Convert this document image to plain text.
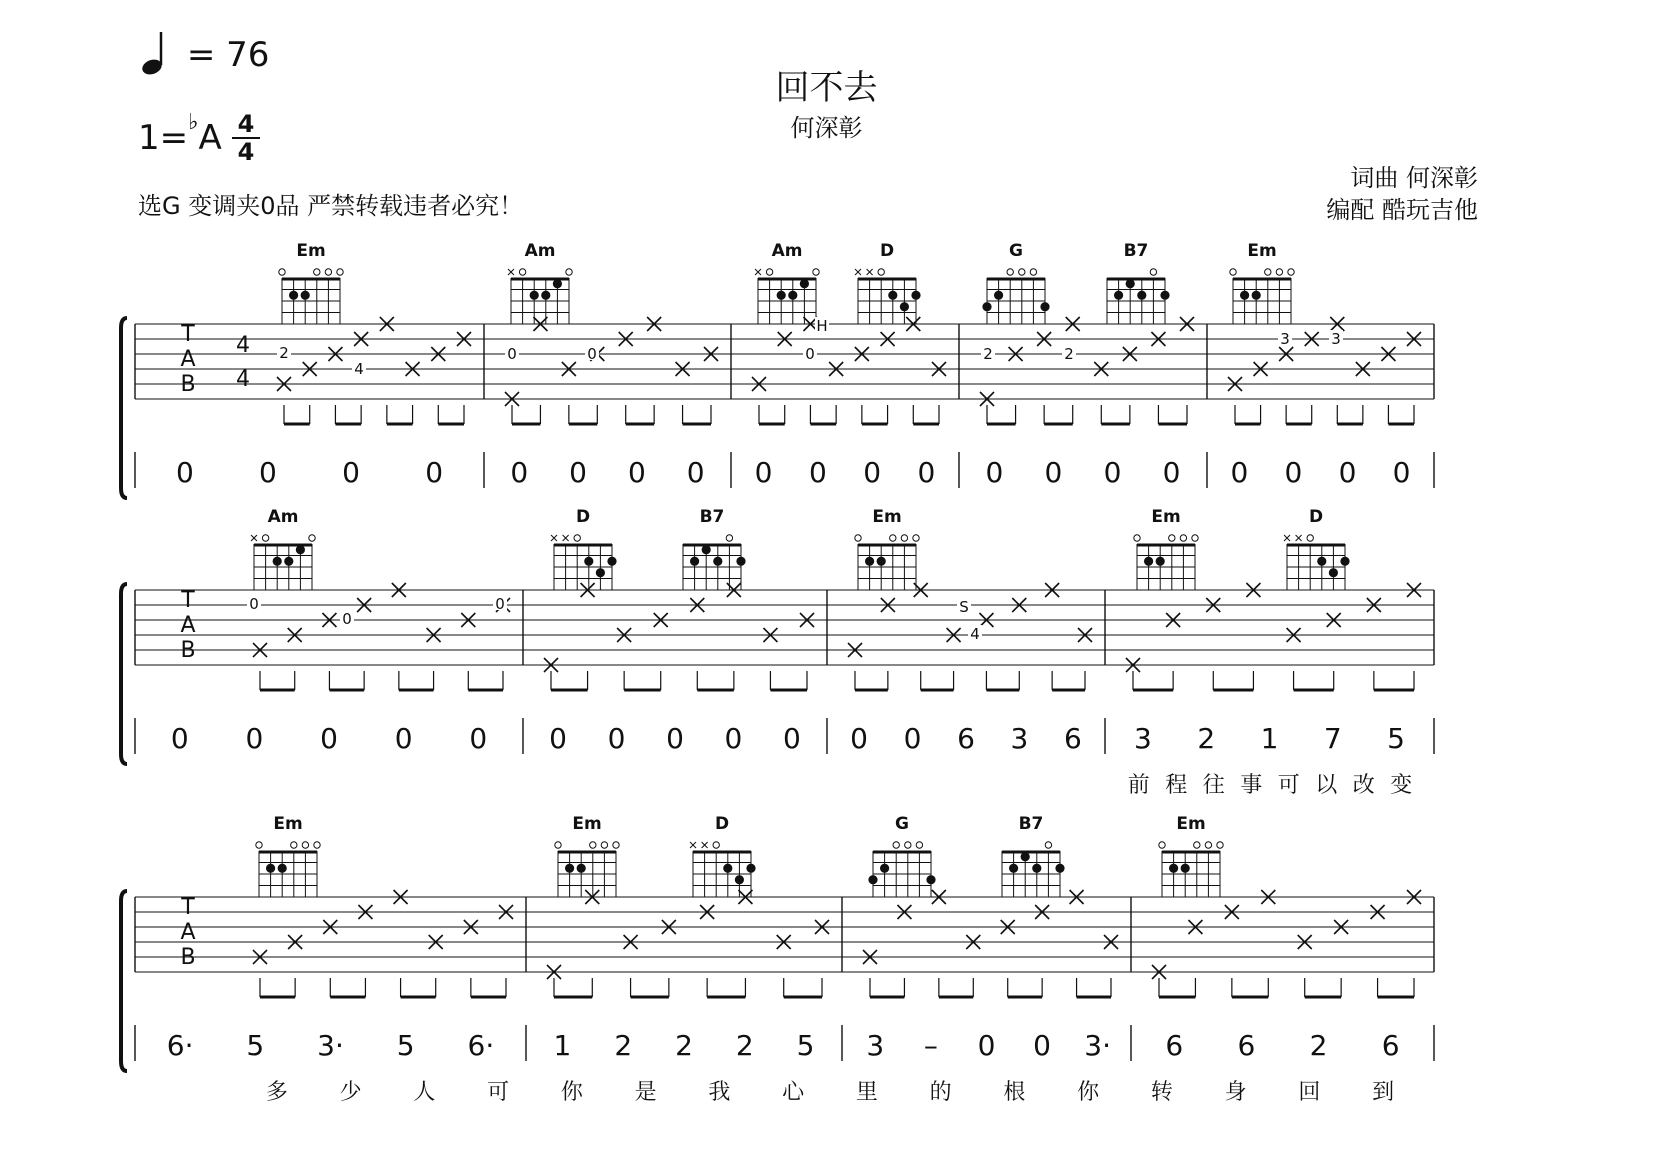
= 76
1=♭A 4
4
选G 变调夹0品 严禁转载违者必究！
回不去
何深彰
词曲 何深彰
编配 酷玩吉他
T
A
B
4
4
Em	Am	Am	D	G	B7	Em
0 0 0 0 0 0 0 0 0 0 0 0 0 0 0 0 0 0 0 0
T
A
B
Am	D	B7	Em	Em	D
0 0 0 0 0 0 0 0 0 0 0 0 6 3 6 3 2 1 7 5
前 程 往 事 可 以 改 变
T
A
B
Em	Em	D	G	B7	Em
6· 5 3· 5 6· 1 2 2 2 5 3 – 0 0 3· 6 6 2 6
多 少 人 可 你 是 我 心 里 的 根 你 转 身 回 到
2
4
0	0
H
0	2	2
3	3
0
0
0	S
4
